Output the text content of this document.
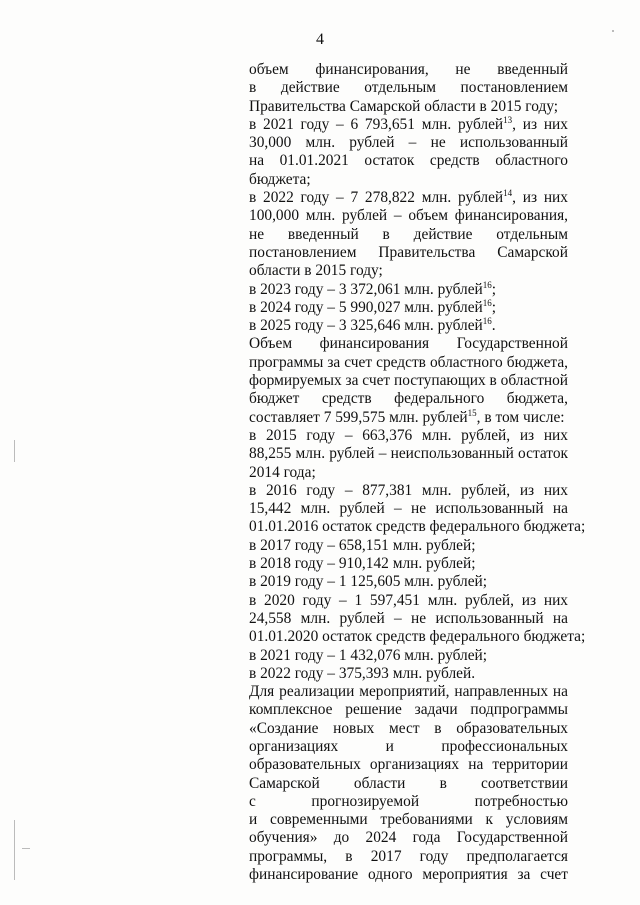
4
объем финансирования, не введенный
в действие отдельным постановлением
Правительства Самарской области в 2015 году;
в 2021 году – 6 793,651 млн. рублей$^{13}$, из них
30,000 млн. рублей – не использованный
на 01.01.2021 остаток средств областного
бюджета;
в 2022 году – 7 278,822 млн. рублей$^{14}$, из них
100,000 млн. рублей – объем финансирования,
не введенный в действие отдельным
постановлением Правительства Самарской
области в 2015 году;
в 2023 году – 3 372,061 млн. рублей$^{16}$;
в 2024 году – 5 990,027 млн. рублей$^{16}$;
в 2025 году – 3 325,646 млн. рублей$^{16}$.
Объем финансирования Государственной
программы за счет средств областного бюджета,
формируемых за счет поступающих в областной
бюджет средств федерального бюджета,
составляет 7 599,575 млн. рублей$^{15}$, в том числе:
в 2015 году – 663,376 млн. рублей, из них
88,255 млн. рублей – неиспользованный остаток
2014 года;
в 2016 году – 877,381 млн. рублей, из них
15,442 млн. рублей – не использованный на
01.01.2016 остаток средств федерального бюджета;
в 2017 году – 658,151 млн. рублей;
в 2018 году – 910,142 млн. рублей;
в 2019 году – 1 125,605 млн. рублей;
в 2020 году – 1 597,451 млн. рублей, из них
24,558 млн. рублей – не использованный на
01.01.2020 остаток средств федерального бюджета;
в 2021 году – 1 432,076 млн. рублей;
в 2022 году – 375,393 млн. рублей.
Для реализации мероприятий, направленных на
комплексное решение задачи подпрограммы
«Создание новых мест в образовательных
организациях и профессиональных
образовательных организациях на территории
Самарской области в соответствии
с прогнозируемой потребностью
и современными требованиями к условиям
обучения» до 2024 года Государственной
программы, в 2017 году предполагается
финансирование одного мероприятия за счет
